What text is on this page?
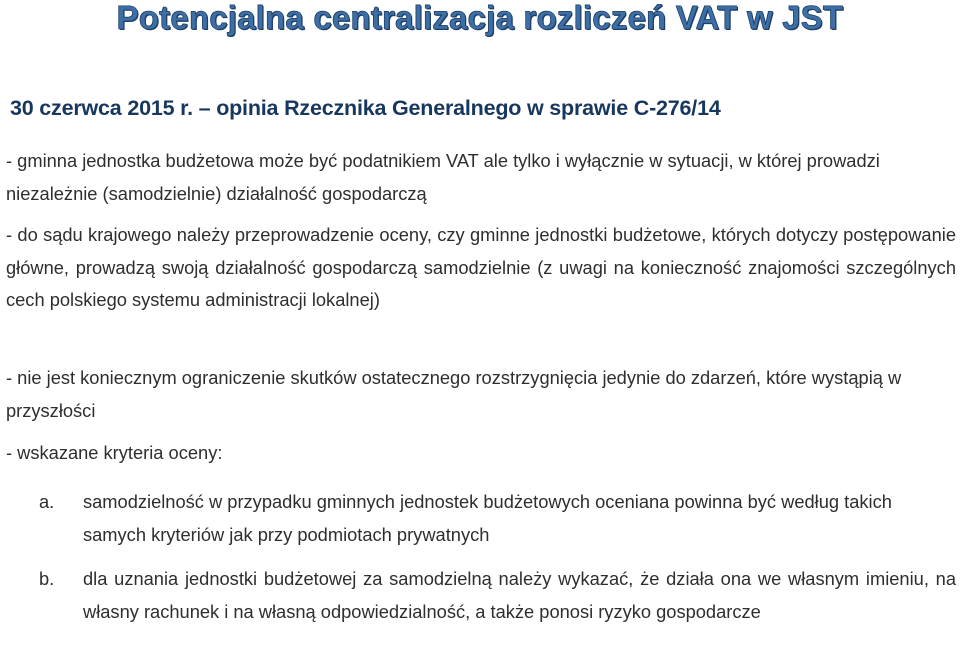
Potencjalna centralizacja rozliczeń VAT w JST
30 czerwca 2015 r. – opinia Rzecznika Generalnego w sprawie C-276/14
- gminna jednostka budżetowa może być podatnikiem VAT ale tylko i wyłącznie w sytuacji, w której prowadzi niezależnie (samodzielnie) działalność gospodarczą
- do sądu krajowego należy przeprowadzenie oceny, czy gminne jednostki budżetowe, których dotyczy postępowanie główne, prowadzą swoją działalność gospodarczą samodzielnie (z uwagi na konieczność znajomości szczególnych cech polskiego systemu administracji lokalnej)
- nie jest koniecznym ograniczenie skutków ostatecznego rozstrzygnięcia jedynie do zdarzeń, które wystąpią w przyszłości
- wskazane kryteria oceny:
a. samodzielność w przypadku gminnych jednostek budżetowych oceniana powinna być według takich samych kryteriów jak przy podmiotach prywatnych
b. dla uznania jednostki budżetowej za samodzielną należy wykazać, że działa ona we własnym imieniu, na własny rachunek i na własną odpowiedzialność, a także ponosi ryzyko gospodarcze
